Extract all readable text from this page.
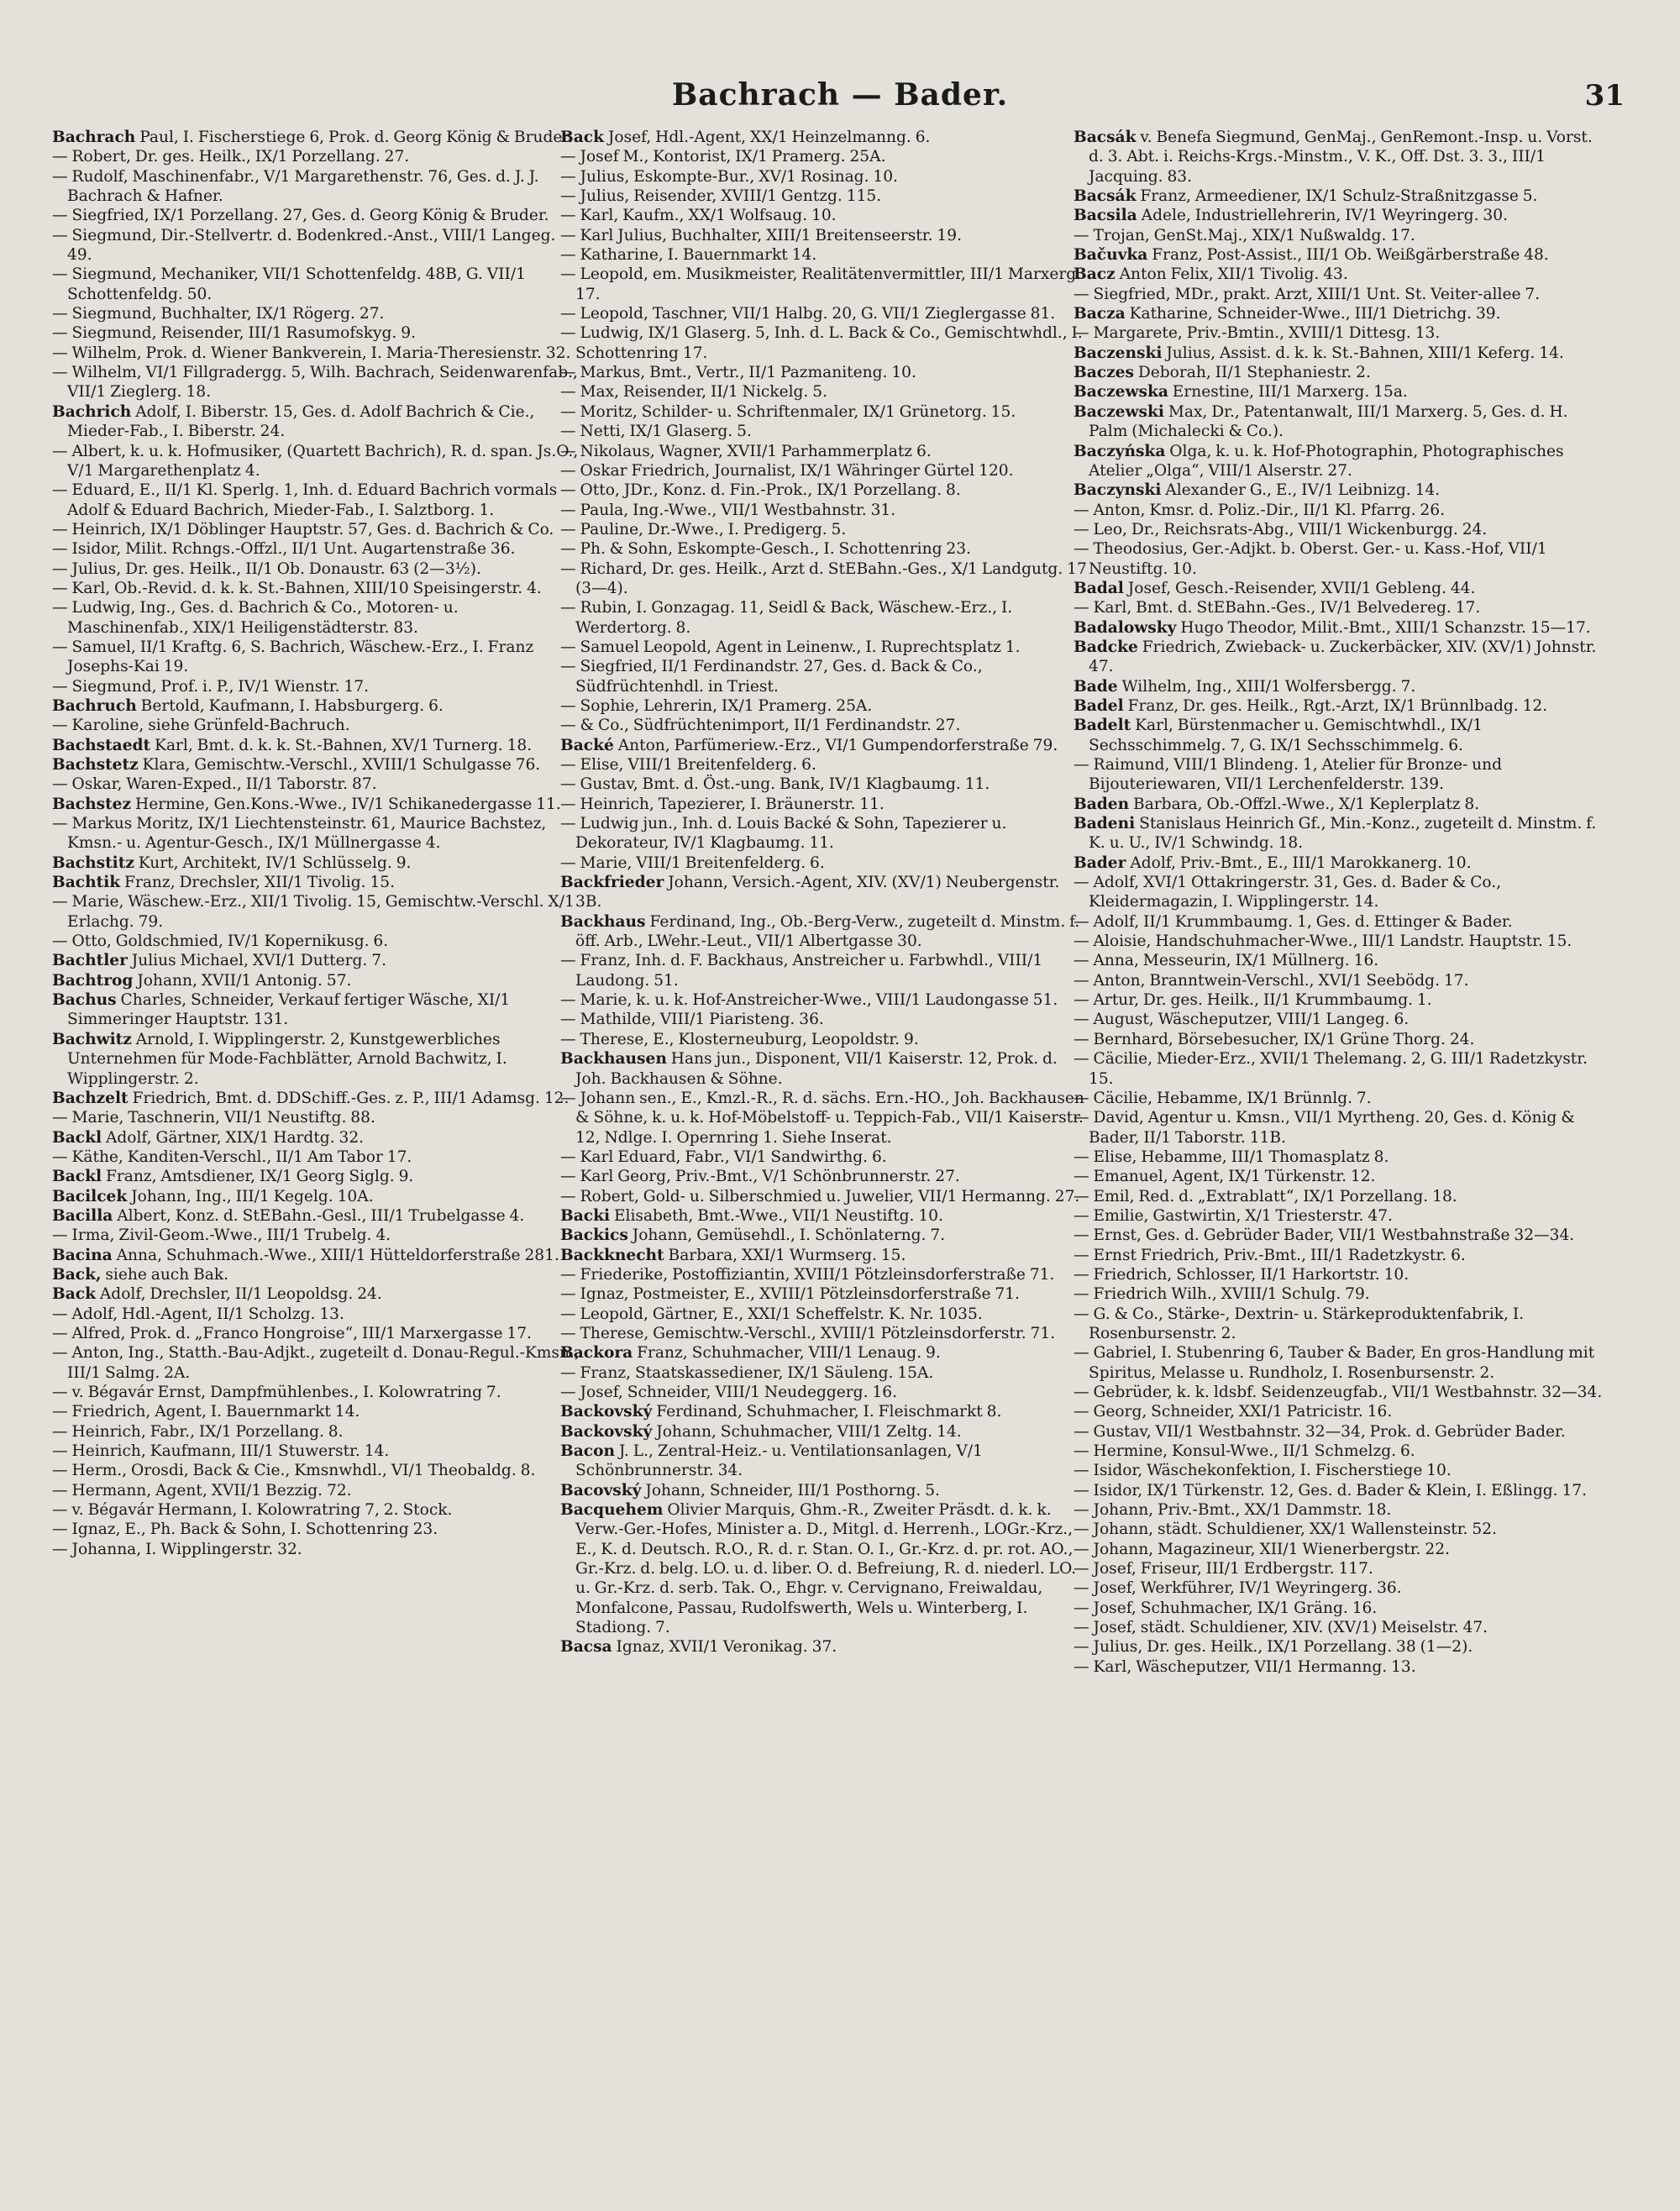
Bachrach — Bader.	31
Bachrach Paul, I. Fischerstiege 6, Prok. d. Georg König & Bruder.
— Robert, Dr. ges. Heilk., IX/1 Porzellang. 27.
— Rudolf, Maschinenfabr., V/1 Margarethenstr. 76, Ges. d. J. J. Bachrach & Hafner.
— Siegfried, IX/1 Porzellang. 27, Ges. d. Georg König & Bruder.
— Siegmund, Dir.-Stellvertr. d. Bodenkred.-Anst., VIII/1 Langeg. 49.
— Siegmund, Mechaniker, VII/1 Schottenfeldg. 48B, G. VII/1 Schottenfeldg. 50.
— Siegmund, Buchhalter, IX/1 Rögerg. 27.
— Siegmund, Reisender, III/1 Rasumofskyg. 9.
— Wilhelm, Prok. d. Wiener Bankverein, I. Maria-Theresienstr. 32.
— Wilhelm, VI/1 Fillgradergg. 5, Wilh. Bachrach, Seidenwarenfab., VII/1 Zieglerg. 18.
Bachrich Adolf, I. Biberstr. 15, Ges. d. Adolf Bachrich & Cie., Mieder-Fab., I. Biberstr. 24.
— Albert, k. u. k. Hofmusiker, (Quartett Bachrich), R. d. span. Js.O., V/1 Margarethenplatz 4.
— Eduard, E., II/1 Kl. Sperlg. 1, Inh. d. Eduard Bachrich vormals Adolf & Eduard Bachrich, Mieder-Fab., I. Salztborg. 1.
— Heinrich, IX/1 Döblinger Hauptstr. 57, Ges. d. Bachrich & Co.
— Isidor, Milit. Rchngs.-Offzl., II/1 Unt. Augartenstraße 36.
— Julius, Dr. ges. Heilk., II/1 Ob. Donaustr. 63 (2—3½).
— Karl, Ob.-Revid. d. k. k. St.-Bahnen, XIII/10 Speisingerstr. 4.
— Ludwig, Ing., Ges. d. Bachrich & Co., Motoren- u. Maschinenfab., XIX/1 Heiligenstädterstr. 83.
— Samuel, II/1 Kraftg. 6, S. Bachrich, Wäschew.-Erz., I. Franz Josephs-Kai 19.
— Siegmund, Prof. i. P., IV/1 Wienstr. 17.
Bachruch Bertold, Kaufmann, I. Habsburgerg. 6.
— Karoline, siehe Grünfeld-Bachruch.
Bachstaedt Karl, Bmt. d. k. k. St.-Bahnen, XV/1 Turnerg. 18.
Bachstetz Klara, Gemischtw.-Verschl., XVIII/1 Schulgasse 76.
— Oskar, Waren-Exped., II/1 Taborstr. 87.
Bachstez Hermine, Gen.Kons.-Wwe., IV/1 Schikanedergasse 11.
— Markus Moritz, IX/1 Liechtensteinstr. 61, Maurice Bachstez, Kmsn.- u. Agentur-Gesch., IX/1 Müllnergasse 4.
Bachstitz Kurt, Architekt, IV/1 Schlüsselg. 9.
Bachtik Franz, Drechsler, XII/1 Tivolig. 15.
— Marie, Wäschew.-Erz., XII/1 Tivolig. 15, Gemischtw.-Verschl. X/1 Erlachg. 79.
— Otto, Goldschmied, IV/1 Kopernikusg. 6.
Bachtler Julius Michael, XVI/1 Dutterg. 7.
Bachtrog Johann, XVII/1 Antonig. 57.
Bachus Charles, Schneider, Verkauf fertiger Wäsche, XI/1 Simmeringer Hauptstr. 131.
Bachwitz Arnold, I. Wipplingerstr. 2, Kunstgewerbliches Unternehmen für Mode-Fachblätter, Arnold Bachwitz, I. Wipplingerstr. 2.
Bachzelt Friedrich, Bmt. d. DDSchiff.-Ges. z. P., III/1 Adamsg. 12.
— Marie, Taschnerin, VII/1 Neustiftg. 88.
Backl Adolf, Gärtner, XIX/1 Hardtg. 32.
— Käthe, Kanditen-Verschl., II/1 Am Tabor 17.
Backl Franz, Amtsdiener, IX/1 Georg Siglg. 9.
Bacilcek Johann, Ing., III/1 Kegelg. 10A.
Bacilla Albert, Konz. d. StEBahn.-Gesl., III/1 Trubelgasse 4.
— Irma, Zivil-Geom.-Wwe., III/1 Trubelg. 4.
Bacina Anna, Schuhmach.-Wwe., XIII/1 Hütteldorferstraße 281.
Back, siehe auch Bak.
Back Adolf, Drechsler, II/1 Leopoldsg. 24.
— Adolf, Hdl.-Agent, II/1 Scholzg. 13.
— Alfred, Prok. d. „Franco Hongroise“, III/1 Marxergasse 17.
— Anton, Ing., Statth.-Bau-Adjkt., zugeteilt d. Donau-Regul.-Kmsn., III/1 Salmg. 2A.
— v. Bégavár Ernst, Dampfmühlenbes., I. Kolowratring 7.
— Friedrich, Agent, I. Bauernmarkt 14.
— Heinrich, Fabr., IX/1 Porzellang. 8.
— Heinrich, Kaufmann, III/1 Stuwerstr. 14.
— Herm., Orosdi, Back & Cie., Kmsnwhdl., VI/1 Theobaldg. 8.
— Hermann, Agent, XVII/1 Bezzig. 72.
— v. Bégavár Hermann, I. Kolowratring 7, 2. Stock.
— Ignaz, E., Ph. Back & Sohn, I. Schottenring 23.
— Johanna, I. Wipplingerstr. 32.
Back Josef, Hdl.-Agent, XX/1 Heinzelmanng. 6.
— Josef M., Kontorist, IX/1 Pramerg. 25A.
— Julius, Eskompte-Bur., XV/1 Rosinag. 10.
— Julius, Reisender, XVIII/1 Gentzg. 115.
— Karl, Kaufm., XX/1 Wolfsaug. 10.
— Karl Julius, Buchhalter, XIII/1 Breitenseerstr. 19.
— Katharine, I. Bauernmarkt 14.
— Leopold, em. Musikmeister, Realitätenvermittler, III/1 Marxerg. 17.
— Leopold, Taschner, VII/1 Halbg. 20, G. VII/1 Zieglergasse 81.
— Ludwig, IX/1 Glaserg. 5, Inh. d. L. Back & Co., Gemischtwhdl., I. Schottenring 17.
— Markus, Bmt., Vertr., II/1 Pazmaniteng. 10.
— Max, Reisender, II/1 Nickelg. 5.
— Moritz, Schilder- u. Schriftenmaler, IX/1 Grünetorg. 15.
— Netti, IX/1 Glaserg. 5.
— Nikolaus, Wagner, XVII/1 Parhammerplatz 6.
— Oskar Friedrich, Journalist, IX/1 Währinger Gürtel 120.
— Otto, JDr., Konz. d. Fin.-Prok., IX/1 Porzellang. 8.
— Paula, Ing.-Wwe., VII/1 Westbahnstr. 31.
— Pauline, Dr.-Wwe., I. Predigerg. 5.
— Ph. & Sohn, Eskompte-Gesch., I. Schottenring 23.
— Richard, Dr. ges. Heilk., Arzt d. StEBahn.-Ges., X/1 Landgutg. 17 (3—4).
— Rubin, I. Gonzagag. 11, Seidl & Back, Wäschew.-Erz., I. Werdertorg. 8.
— Samuel Leopold, Agent in Leinenw., I. Ruprechtsplatz 1.
— Siegfried, II/1 Ferdinandstr. 27, Ges. d. Back & Co., Südfrüchtenhdl. in Triest.
— Sophie, Lehrerin, IX/1 Pramerg. 25A.
— & Co., Südfrüchtenimport, II/1 Ferdinandstr. 27.
Backé Anton, Parfümeriew.-Erz., VI/1 Gumpendorferstraße 79.
— Elise, VIII/1 Breitenfelderg. 6.
— Gustav, Bmt. d. Öst.-ung. Bank, IV/1 Klagbaumg. 11.
— Heinrich, Tapezierer, I. Bräunerstr. 11.
— Ludwig jun., Inh. d. Louis Backé & Sohn, Tapezierer u. Dekorateur, IV/1 Klagbaumg. 11.
— Marie, VIII/1 Breitenfelderg. 6.
Backfrieder Johann, Versich.-Agent, XIV. (XV/1) Neubergenstr. 3B.
Backhaus Ferdinand, Ing., Ob.-Berg-Verw., zugeteilt d. Minstm. f. öff. Arb., LWehr.-Leut., VII/1 Albertgasse 30.
— Franz, Inh. d. F. Backhaus, Anstreicher u. Farbwhdl., VIII/1 Laudong. 51.
— Marie, k. u. k. Hof-Anstreicher-Wwe., VIII/1 Laudongasse 51.
— Mathilde, VIII/1 Piaristeng. 36.
— Therese, E., Klosterneuburg, Leopoldstr. 9.
Backhausen Hans jun., Disponent, VII/1 Kaiserstr. 12, Prok. d. Joh. Backhausen & Söhne.
— Johann sen., E., Kmzl.-R., R. d. sächs. Ern.-HO., Joh. Backhausen & Söhne, k. u. k. Hof-Möbelstoff- u. Teppich-Fab., VII/1 Kaiserstr. 12, Ndlge. I. Opernring 1. Siehe Inserat.
— Karl Eduard, Fabr., VI/1 Sandwirthg. 6.
— Karl Georg, Priv.-Bmt., V/1 Schönbrunnerstr. 27.
— Robert, Gold- u. Silberschmied u. Juwelier, VII/1 Hermanng. 27.
Backi Elisabeth, Bmt.-Wwe., VII/1 Neustiftg. 10.
Backics Johann, Gemüsehdl., I. Schönlaterng. 7.
Backknecht Barbara, XXI/1 Wurmserg. 15.
— Friederike, Postoffiziantin, XVIII/1 Pötzleinsdorferstraße 71.
— Ignaz, Postmeister, E., XVIII/1 Pötzleinsdorferstraße 71.
— Leopold, Gärtner, E., XXI/1 Scheffelstr. K. Nr. 1035.
— Therese, Gemischtw.-Verschl., XVIII/1 Pötzleinsdorferstr. 71.
Backora Franz, Schuhmacher, VIII/1 Lenaug. 9.
— Franz, Staatskassediener, IX/1 Säuleng. 15A.
— Josef, Schneider, VIII/1 Neudeggerg. 16.
Backovský Ferdinand, Schuhmacher, I. Fleischmarkt 8.
Backovský Johann, Schuhmacher, VIII/1 Zeltg. 14.
Bacon J. L., Zentral-Heiz.- u. Ventilationsanlagen, V/1 Schönbrunnerstr. 34.
Bacovský Johann, Schneider, III/1 Posthorng. 5.
Bacquehem Olivier Marquis, Ghm.-R., Zweiter Präsdt. d. k. k. Verw.-Ger.-Hofes, Minister a. D., Mitgl. d. Herrenh., LOGr.-Krz., E., K. d. Deutsch. R.O., R. d. r. Stan. O. I., Gr.-Krz. d. pr. rot. AO., Gr.-Krz. d. belg. LO. u. d. liber. O. d. Befreiung, R. d. niederl. LO. u. Gr.-Krz. d. serb. Tak. O., Ehgr. v. Cervignano, Freiwaldau, Monfalcone, Passau, Rudolfswerth, Wels u. Winterberg, I. Stadiong. 7.
Bacsa Ignaz, XVII/1 Veronikag. 37.
Bacsák v. Benefa Siegmund, GenMaj., GenRemont.-Insp. u. Vorst. d. 3. Abt. i. Reichs-Krgs.-Minstm., V. K., Off. Dst. 3. 3., III/1 Jacquing. 83.
Bacsák Franz, Armeediener, IX/1 Schulz-Straßnitzgasse 5.
Bacsila Adele, Industriellehrerin, IV/1 Weyringerg. 30.
— Trojan, GenSt.Maj., XIX/1 Nußwaldg. 17.
Bačuvka Franz, Post-Assist., III/1 Ob. Weißgärberstraße 48.
Bacz Anton Felix, XII/1 Tivolig. 43.
— Siegfried, MDr., prakt. Arzt, XIII/1 Unt. St. Veiter-allee 7.
Bacza Katharine, Schneider-Wwe., III/1 Dietrichg. 39.
— Margarete, Priv.-Bmtin., XVIII/1 Dittesg. 13.
Baczenski Julius, Assist. d. k. k. St.-Bahnen, XIII/1 Keferg. 14.
Baczes Deborah, II/1 Stephaniestr. 2.
Baczewska Ernestine, III/1 Marxerg. 15a.
Baczewski Max, Dr., Patentanwalt, III/1 Marxerg. 5, Ges. d. H. Palm (Michalecki & Co.).
Baczyńska Olga, k. u. k. Hof-Photographin, Photographisches Atelier „Olga“, VIII/1 Alserstr. 27.
Baczynski Alexander G., E., IV/1 Leibnizg. 14.
— Anton, Kmsr. d. Poliz.-Dir., II/1 Kl. Pfarrg. 26.
— Leo, Dr., Reichsrats-Abg., VIII/1 Wickenburgg. 24.
— Theodosius, Ger.-Adjkt. b. Oberst. Ger.- u. Kass.-Hof, VII/1 Neustiftg. 10.
Badal Josef, Gesch.-Reisender, XVII/1 Gebleng. 44.
— Karl, Bmt. d. StEBahn.-Ges., IV/1 Belvedereg. 17.
Badalowsky Hugo Theodor, Milit.-Bmt., XIII/1 Schanzstr. 15—17.
Badcke Friedrich, Zwieback- u. Zuckerbäcker, XIV. (XV/1) Johnstr. 47.
Bade Wilhelm, Ing., XIII/1 Wolfersbergg. 7.
Badel Franz, Dr. ges. Heilk., Rgt.-Arzt, IX/1 Brünnlbadg. 12.
Badelt Karl, Bürstenmacher u. Gemischtwhdl., IX/1 Sechsschimmelg. 7, G. IX/1 Sechsschimmelg. 6.
— Raimund, VIII/1 Blindeng. 1, Atelier für Bronze- und Bijouteriewaren, VII/1 Lerchenfelderstr. 139.
Baden Barbara, Ob.-Offzl.-Wwe., X/1 Keplerplatz 8.
Badeni Stanislaus Heinrich Gf., Min.-Konz., zugeteilt d. Minstm. f. K. u. U., IV/1 Schwindg. 18.
Bader Adolf, Priv.-Bmt., E., III/1 Marokkanerg. 10.
— Adolf, XVI/1 Ottakringerstr. 31, Ges. d. Bader & Co., Kleidermagazin, I. Wipplingerstr. 14.
— Adolf, II/1 Krummbaumg. 1, Ges. d. Ettinger & Bader.
— Aloisie, Handschuhmacher-Wwe., III/1 Landstr. Hauptstr. 15.
— Anna, Messeurin, IX/1 Müllnerg. 16.
— Anton, Branntwein-Verschl., XVI/1 Seebödg. 17.
— Artur, Dr. ges. Heilk., II/1 Krummbaumg. 1.
— August, Wäscheputzer, VIII/1 Langeg. 6.
— Bernhard, Börsebesucher, IX/1 Grüne Thorg. 24.
— Cäcilie, Mieder-Erz., XVII/1 Thelemang. 2, G. III/1 Radetzkystr. 15.
— Cäcilie, Hebamme, IX/1 Brünnlg. 7.
— David, Agentur u. Kmsn., VII/1 Myrtheng. 20, Ges. d. König & Bader, II/1 Taborstr. 11B.
— Elise, Hebamme, III/1 Thomasplatz 8.
— Emanuel, Agent, IX/1 Türkenstr. 12.
— Emil, Red. d. „Extrablatt“, IX/1 Porzellang. 18.
— Emilie, Gastwirtin, X/1 Triesterstr. 47.
— Ernst, Ges. d. Gebrüder Bader, VII/1 Westbahnstraße 32—34.
— Ernst Friedrich, Priv.-Bmt., III/1 Radetzkystr. 6.
— Friedrich, Schlosser, II/1 Harkortstr. 10.
— Friedrich Wilh., XVIII/1 Schulg. 79.
— G. & Co., Stärke-, Dextrin- u. Stärkeproduktenfabrik, I. Rosenbursenstr. 2.
— Gabriel, I. Stubenring 6, Tauber & Bader, En gros-Handlung mit Spiritus, Melasse u. Rundholz, I. Rosenbursenstr. 2.
— Gebrüder, k. k. ldsbf. Seidenzeugfab., VII/1 Westbahnstr. 32—34.
— Georg, Schneider, XXI/1 Patricistr. 16.
— Gustav, VII/1 Westbahnstr. 32—34, Prok. d. Gebrüder Bader.
— Hermine, Konsul-Wwe., II/1 Schmelzg. 6.
— Isidor, Wäschekonfektion, I. Fischerstiege 10.
— Isidor, IX/1 Türkenstr. 12, Ges. d. Bader & Klein, I. Eßlingg. 17.
— Johann, Priv.-Bmt., XX/1 Dammstr. 18.
— Johann, städt. Schuldiener, XX/1 Wallensteinstr. 52.
— Johann, Magazineur, XII/1 Wienerbergstr. 22.
— Josef, Friseur, III/1 Erdbergstr. 117.
— Josef, Werkführer, IV/1 Weyringerg. 36.
— Josef, Schuhmacher, IX/1 Gräng. 16.
— Josef, städt. Schuldiener, XIV. (XV/1) Meiselstr. 47.
— Julius, Dr. ges. Heilk., IX/1 Porzellang. 38 (1—2).
— Karl, Wäscheputzer, VII/1 Hermanng. 13.
